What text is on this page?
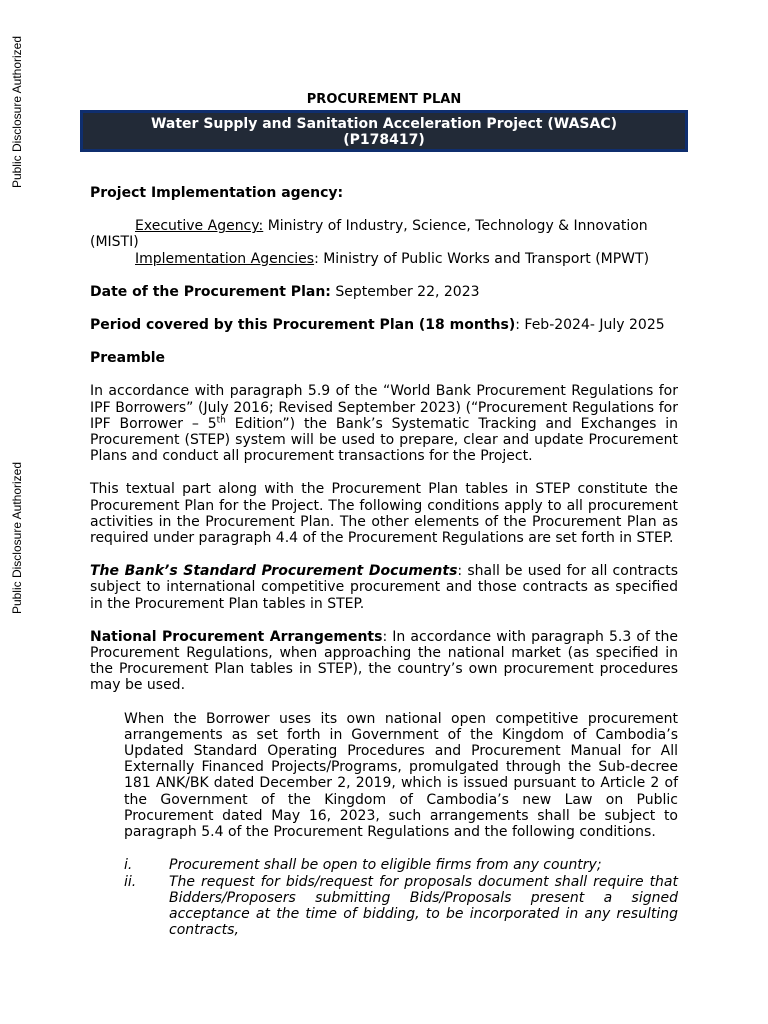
Public Disclosure Authorized
Public Disclosure Authorized
PROCUREMENT PLAN
Water Supply and Sanitation Acceleration Project (WASAC)
(P178417)

Project Implementation agency:

Executive Agency: Ministry of Industry, Science, Technology & Innovation (MISTI)

Implementation Agencies: Ministry of Public Works and Transport (MPWT)

Date of the Procurement Plan: September 22, 2023

Period covered by this Procurement Plan (18 months): Feb-2024- July 2025

Preamble

In accordance with paragraph 5.9 of the “World Bank Procurement Regulations for IPF Borrowers” (July 2016; Revised September 2023) (“Procurement Regulations for IPF Borrower – 5th Edition”) the Bank’s Systematic Tracking and Exchanges in Procurement (STEP) system will be used to prepare, clear and update Procurement Plans and conduct all procurement transactions for the Project.

This textual part along with the Procurement Plan tables in STEP constitute the Procurement Plan for the Project. The following conditions apply to all procurement activities in the Procurement Plan. The other elements of the Procurement Plan as required under paragraph 4.4 of the Procurement Regulations are set forth in STEP.

The Bank’s Standard Procurement Documents: shall be used for all contracts subject to international competitive procurement and those contracts as specified in the Procurement Plan tables in STEP.

National Procurement Arrangements: In accordance with paragraph 5.3 of the Procurement Regulations, when approaching the national market (as specified in the Procurement Plan tables in STEP), the country’s own procurement procedures may be used.

When the Borrower uses its own national open competitive procurement arrangements as set forth in Government of the Kingdom of Cambodia’s Updated Standard Operating Procedures and Procurement Manual for All Externally Financed Projects/Programs, promulgated through the Sub-decree 181 ANK/BK dated December 2, 2019, which is issued pursuant to Article 2 of the Government of the Kingdom of Cambodia’s new Law on Public Procurement dated May 16, 2023, such arrangements shall be subject to paragraph 5.4 of the Procurement Regulations and the following conditions.

i.	Procurement shall be open to eligible firms from any country;
ii.	The request for bids/request for proposals document shall require that Bidders/Proposers submitting Bids/Proposals present a signed acceptance at the time of bidding, to be incorporated in any resulting contracts,
